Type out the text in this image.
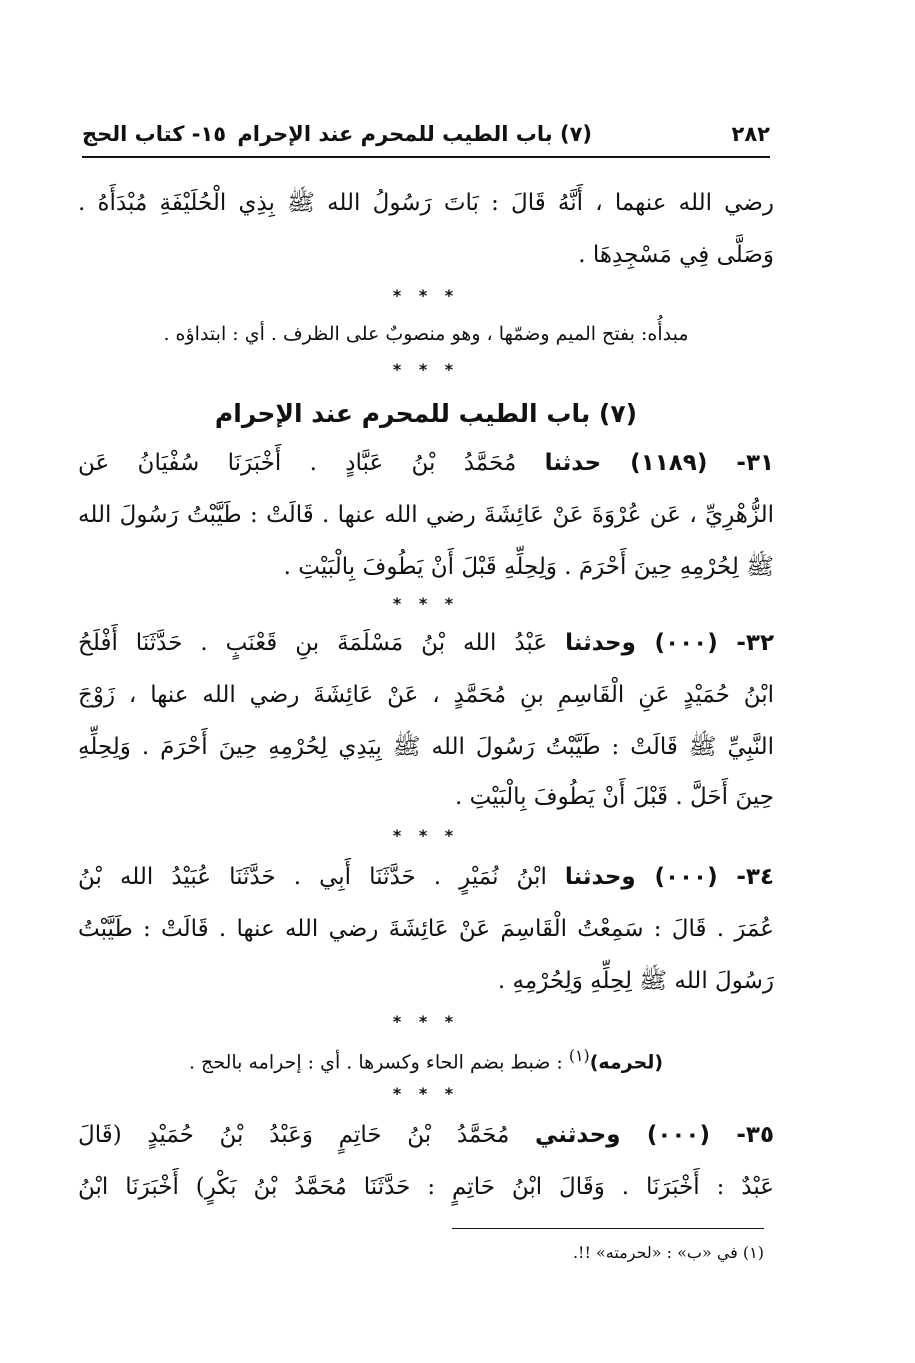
٢٨٢
(٧) باب الطيب للمحرم عند الإحرام
١٥- كتاب الحج
رضي الله عنهما ، أَنَّهُ قَالَ : بَاتَ رَسُولُ الله ﷺ بِذِي الْحُلَيْفَةِ مُبْدَأَهُ .
وَصَلَّى فِي مَسْجِدِهَا .
* * *
مبدأُه: بفتح الميم وضمّها ، وهو منصوبٌ على الظرف . أي : ابتداؤه .
* * *
(٧) باب الطيب للمحرم عند الإحرام
٣١- (١١٨٩) حدثنا مُحَمَّدُ بْنُ عَبَّادٍ . أَخْبَرَنَا سُفْيَانُ عَن
الزُّهْرِيِّ ، عَن عُرْوَةَ عَنْ عَائِشَةَ رضي الله عنها . قَالَتْ : طَيَّبْتُ رَسُولَ الله
ﷺ لِحُرْمِهِ حِينَ أَحْرَمَ . وَلِحِلِّهِ قَبْلَ أَنْ يَطُوفَ بِالْبَيْتِ .
* * *
٣٢- (٠٠٠) وحدثنا عَبْدُ الله بْنُ مَسْلَمَةَ بنِ قَعْنَبٍ . حَدَّثَنَا أَفْلَحُ
ابْنُ حُمَيْدٍ عَنِ الْقَاسِمِ بنِ مُحَمَّدٍ ، عَنْ عَائِشَةَ رضي الله عنها ، زَوْجَ
النَّبِيِّ ﷺ قَالَتْ : طَيَّبْتُ رَسُولَ الله ﷺ بِيَدِي لِحُرْمِهِ حِينَ أَحْرَمَ . وَلِحِلِّهِ
حِينَ أَحَلَّ . قَبْلَ أَنْ يَطُوفَ بِالْبَيْتِ .
* * *
٣٤- (٠٠٠) وحدثنا ابْنُ نُمَيْرٍ . حَدَّثَنَا أَبِي . حَدَّثَنَا عُبَيْدُ الله بْنُ
عُمَرَ . قَالَ : سَمِعْتُ الْقَاسِمَ عَنْ عَائِشَةَ رضي الله عنها . قَالَتْ : طَيَّبْتُ
رَسُولَ الله ﷺ لِحِلِّهِ وَلِحُرْمِهِ .
* * *
(لحرمه)$^{(١)}$ : ضبط بضم الحاء وكسرها . أي : إحرامه بالحج .
* * *
٣٥- (٠٠٠) وحدثني مُحَمَّدُ بْنُ حَاتِمٍ وَعَبْدُ بْنُ حُمَيْدٍ (قَالَ
عَبْدٌ : أَخْبَرَنَا . وَقَالَ ابْنُ حَاتِمٍ : حَدَّثَنَا مُحَمَّدُ بْنُ بَكْرٍ) أَخْبَرَنَا ابْنُ
(١) في «ب» : «لحرمته» !!.
